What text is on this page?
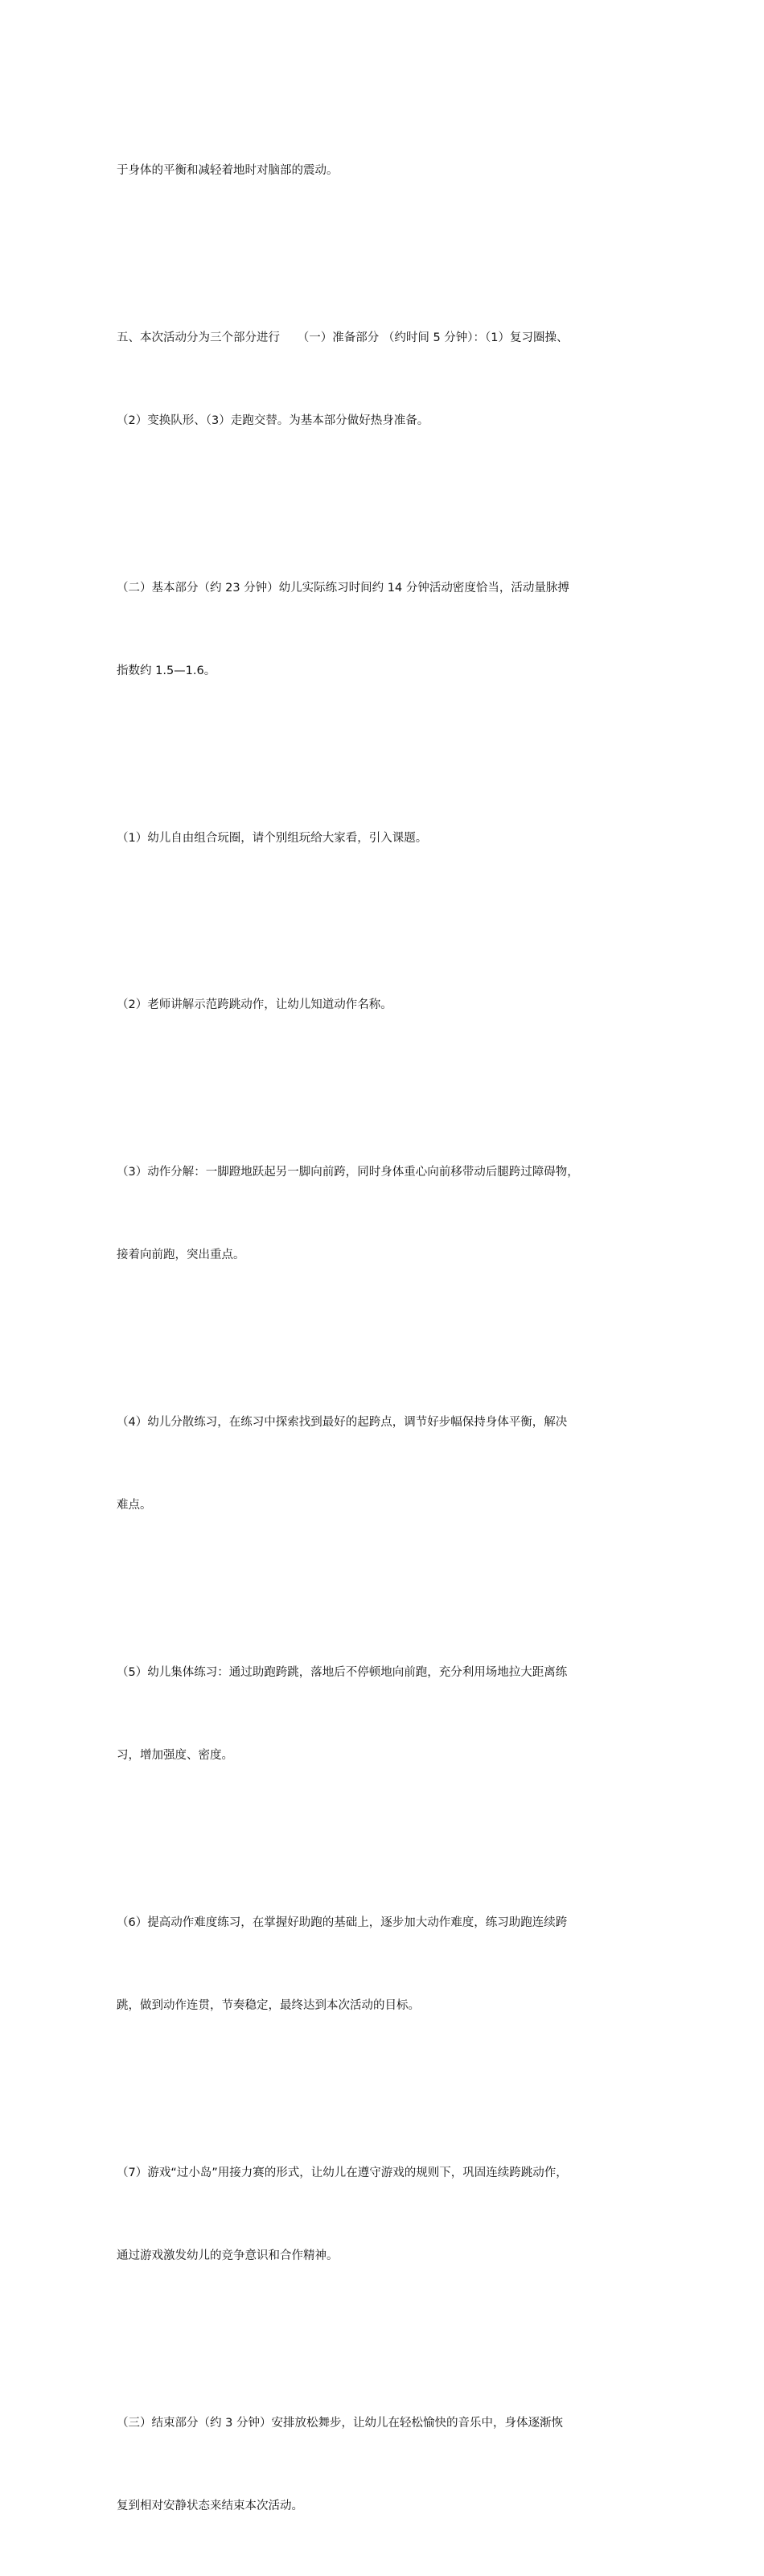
于身体的平衡和减轻着地时对脑部的震动。

五、本次活动分为三个部分进行　　（一）准备部分 （约时间 5 分钟）：（1）复习圈操、

（2）变换队形、（3）走跑交替。为基本部分做好热身准备。

（二）基本部分（约 23 分钟）幼儿实际练习时间约 14 分钟活动密度恰当，活动量脉搏

指数约 1.5—1.6。

（1）幼儿自由组合玩圈，请个别组玩给大家看，引入课题。

（2）老师讲解示范跨跳动作，让幼儿知道动作名称。

（3）动作分解：一脚蹬地跃起另一脚向前跨，同时身体重心向前移带动后腿跨过障碍物，

接着向前跑，突出重点。

（4）幼儿分散练习，在练习中探索找到最好的起跨点，调节好步幅保持身体平衡，解决

难点。

（5）幼儿集体练习：通过助跑跨跳，落地后不停顿地向前跑，充分利用场地拉大距离练

习，增加强度、密度。

（6）提高动作难度练习，在掌握好助跑的基础上，逐步加大动作难度，练习助跑连续跨

跳，做到动作连贯，节奏稳定，最终达到本次活动的目标。

（7）游戏“过小岛”用接力赛的形式，让幼儿在遵守游戏的规则下，巩固连续跨跳动作，

通过游戏激发幼儿的竞争意识和合作精神。

（三）结束部分（约 3 分钟）安排放松舞步，让幼儿在轻松愉快的音乐中，身体逐渐恢

复到相对安静状态来结束本次活动。
